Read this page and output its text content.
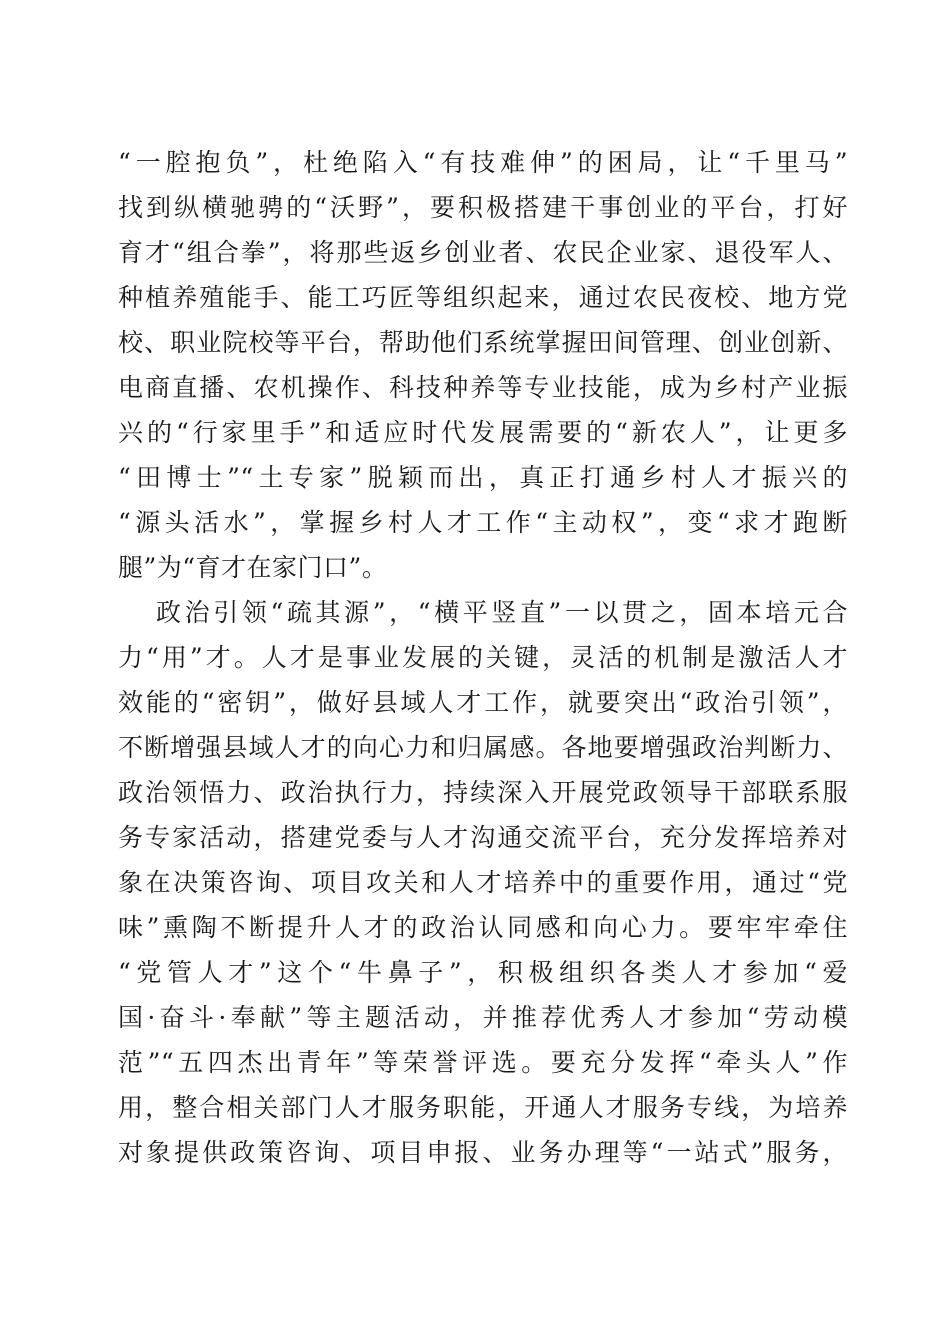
“一腔抱负”，杜绝陷入“有技难伸”的困局，让“千里马”
找到纵横驰骋的“沃野”，要积极搭建干事创业的平台，打好
育才“组合拳”，将那些返乡创业者、农民企业家、退役军人、
种植养殖能手、能工巧匠等组织起来，通过农民夜校、地方党
校、职业院校等平台，帮助他们系统掌握田间管理、创业创新、
电商直播、农机操作、科技种养等专业技能，成为乡村产业振
兴的“行家里手”和适应时代发展需要的“新农人”，让更多
“田博士”“土专家”脱颖而出，真正打通乡村人才振兴的
“源头活水”，掌握乡村人才工作“主动权”，变“求才跑断
腿”为“育才在家门口”。
政治引领“疏其源”，“横平竖直”一以贯之，固本培元合
力“用”才。人才是事业发展的关键，灵活的机制是激活人才
效能的“密钥”，做好县域人才工作，就要突出“政治引领”，
不断增强县域人才的向心力和归属感。各地要增强政治判断力、
政治领悟力、政治执行力，持续深入开展党政领导干部联系服
务专家活动，搭建党委与人才沟通交流平台，充分发挥培养对
象在决策咨询、项目攻关和人才培养中的重要作用，通过“党
味”熏陶不断提升人才的政治认同感和向心力。要牢牢牵住
“党管人才”这个“牛鼻子”，积极组织各类人才参加“爱
国·奋斗·奉献”等主题活动，并推荐优秀人才参加“劳动模
范”“五四杰出青年”等荣誉评选。要充分发挥“牵头人”作
用，整合相关部门人才服务职能，开通人才服务专线，为培养
对象提供政策咨询、项目申报、业务办理等“一站式”服务，
